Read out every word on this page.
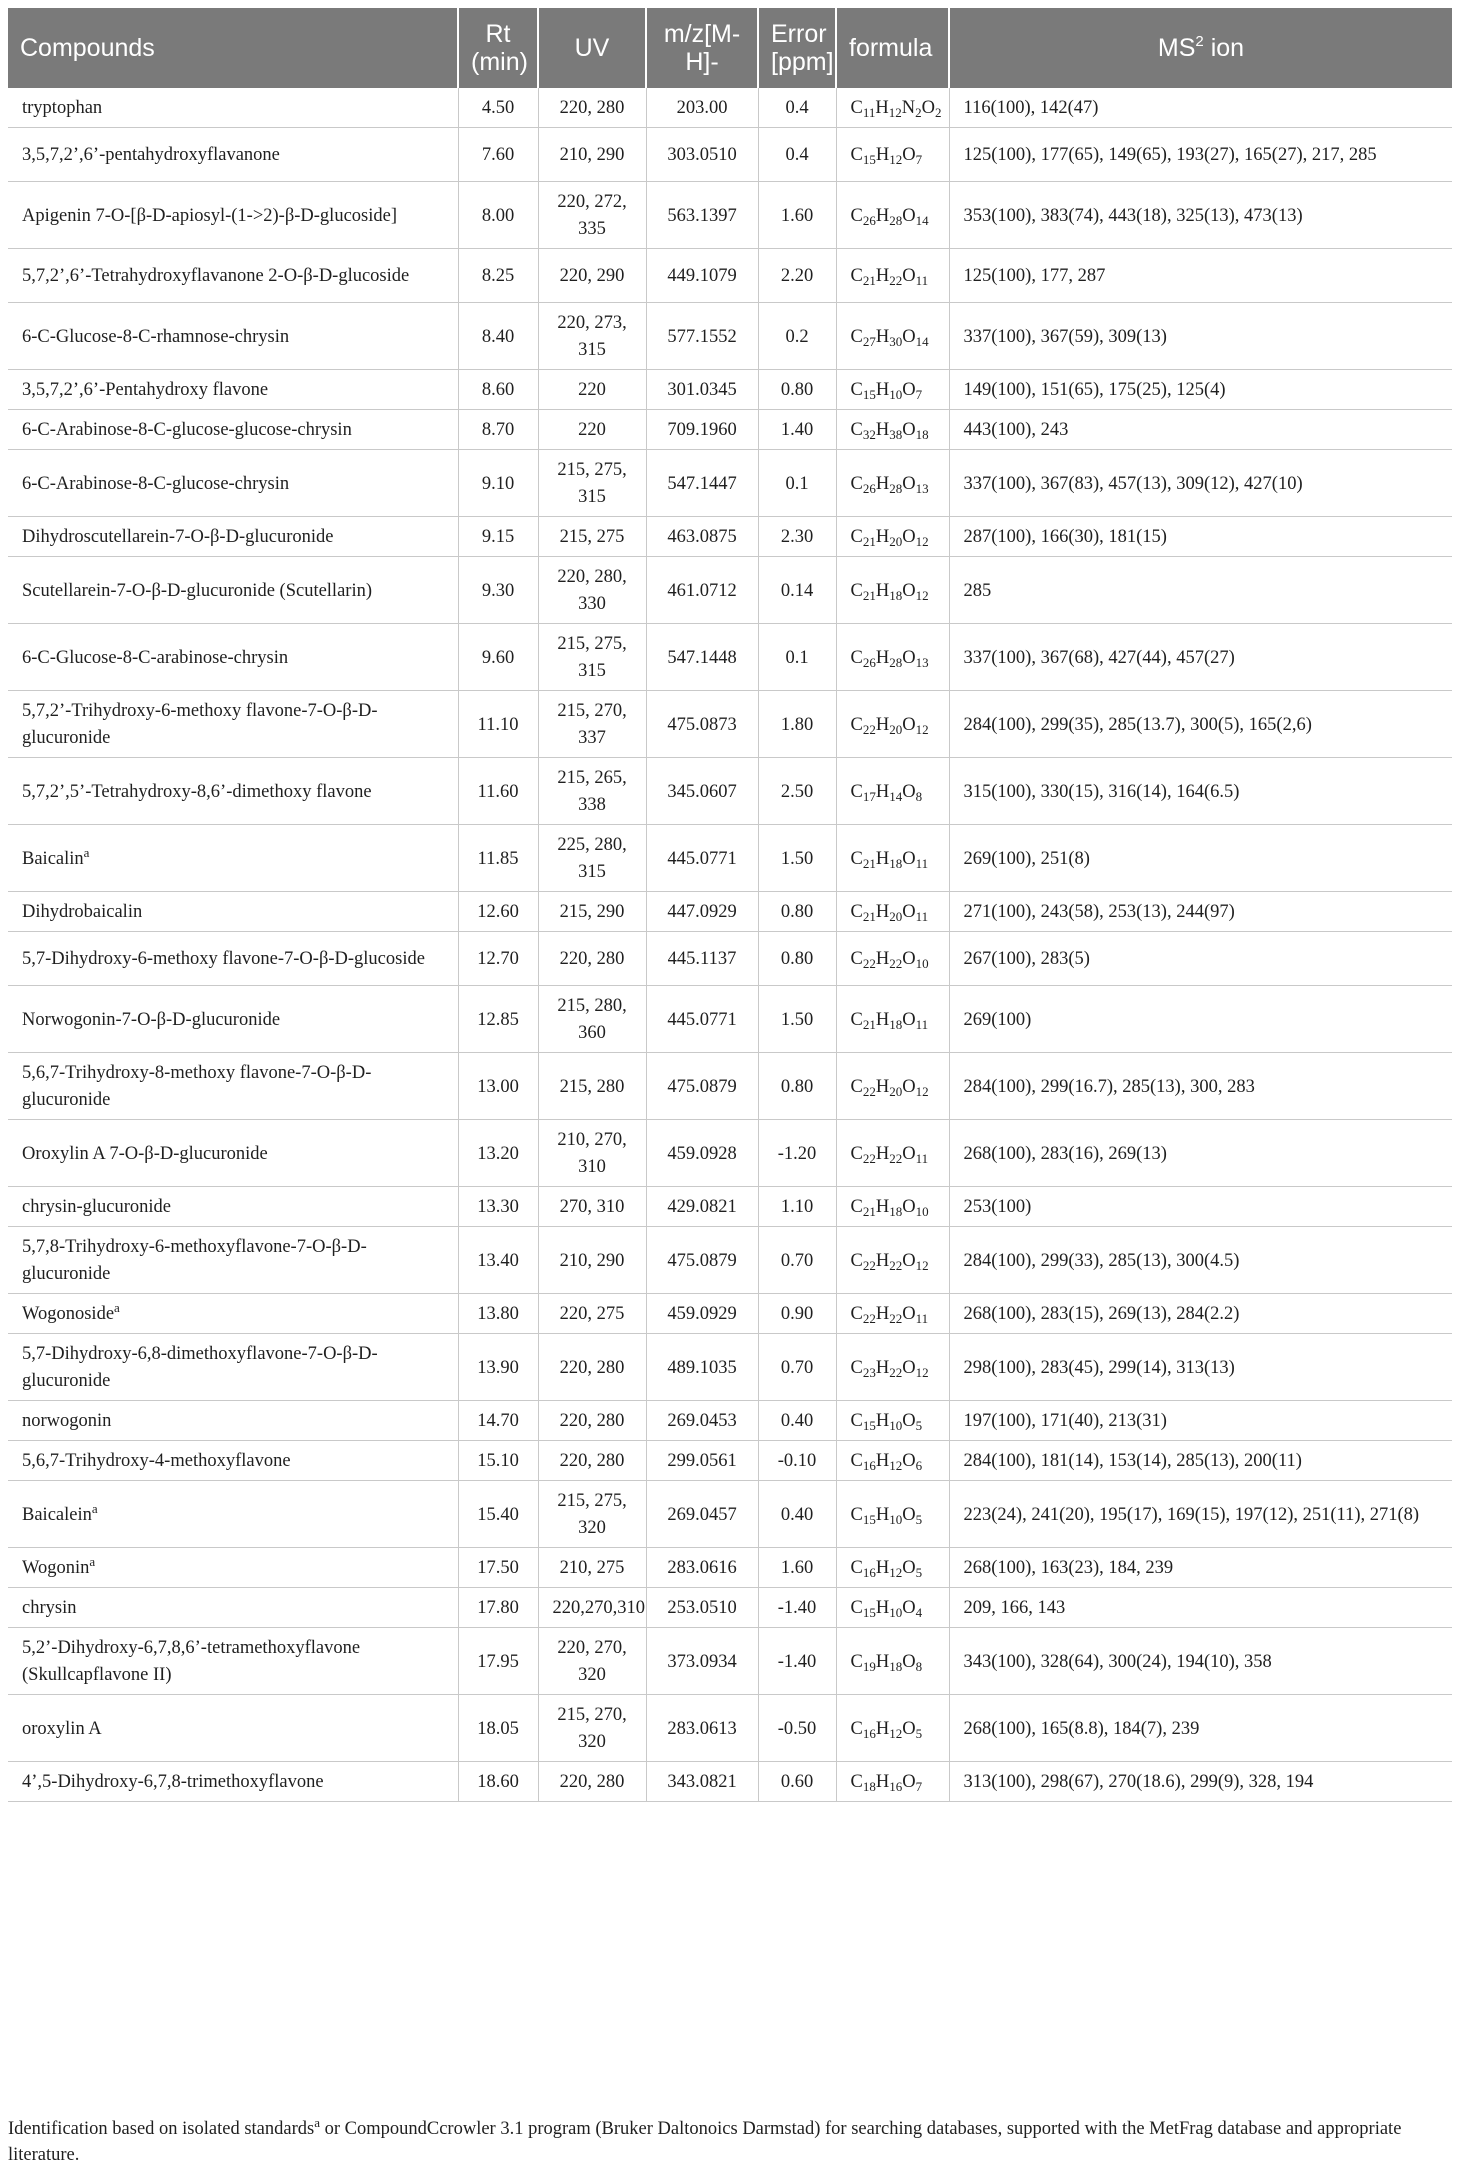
Compounds	Rt (min)	UV	m/z[M-H]-	Error [ppm]	formula	$MS^2$ ion
tryptophan	4.50	220, 280	203.00	0.4	$C_{11}H_{12}N_2O_2$	116(100), 142(47)
3,5,7,2’,6’-pentahydroxyflavanone	7.60	210, 290	303.0510	0.4	$C_{15}H_{12}O_7$	125(100), 177(65), 149(65), 193(27), 165(27), 217, 285
Apigenin 7-O-[β-D-apiosyl-(1->2)-β-D-glucoside]	8.00	220, 272, 335	563.1397	1.60	$C_{26}H_{28}O_{14}$	353(100), 383(74), 443(18), 325(13), 473(13)
5,7,2’,6’-Tetrahydroxyflavanone 2-O-β-D-glucoside	8.25	220, 290	449.1079	2.20	$C_{21}H_{22}O_{11}$	125(100), 177, 287
6-C-Glucose-8-C-rhamnose-chrysin	8.40	220, 273, 315	577.1552	0.2	$C_{27}H_{30}O_{14}$	337(100), 367(59), 309(13)
3,5,7,2’,6’-Pentahydroxy flavone	8.60	220	301.0345	0.80	$C_{15}H_{10}O_7$	149(100), 151(65), 175(25), 125(4)
6-C-Arabinose-8-C-glucose-glucose-chrysin	8.70	220	709.1960	1.40	$C_{32}H_{38}O_{18}$	443(100), 243
6-C-Arabinose-8-C-glucose-chrysin	9.10	215, 275, 315	547.1447	0.1	$C_{26}H_{28}O_{13}$	337(100), 367(83), 457(13), 309(12), 427(10)
Dihydroscutellarein-7-O-β-D-glucuronide	9.15	215, 275	463.0875	2.30	$C_{21}H_{20}O_{12}$	287(100), 166(30), 181(15)
Scutellarein-7-O-β-D-glucuronide (Scutellarin)	9.30	220, 280, 330	461.0712	0.14	$C_{21}H_{18}O_{12}$	285
6-C-Glucose-8-C-arabinose-chrysin	9.60	215, 275, 315	547.1448	0.1	$C_{26}H_{28}O_{13}$	337(100), 367(68), 427(44), 457(27)
5,7,2’-Trihydroxy-6-methoxy flavone-7-O-β-D-glucuronide	11.10	215, 270, 337	475.0873	1.80	$C_{22}H_{20}O_{12}$	284(100), 299(35), 285(13.7), 300(5), 165(2,6)
5,7,2’,5’-Tetrahydroxy-8,6’-dimethoxy flavone	11.60	215, 265, 338	345.0607	2.50	$C_{17}H_{14}O_8$	315(100), 330(15), 316(14), 164(6.5)
Baicalin$^a$	11.85	225, 280, 315	445.0771	1.50	$C_{21}H_{18}O_{11}$	269(100), 251(8)
Dihydrobaicalin	12.60	215, 290	447.0929	0.80	$C_{21}H_{20}O_{11}$	271(100), 243(58), 253(13), 244(97)
5,7-Dihydroxy-6-methoxy flavone-7-O-β-D-glucoside	12.70	220, 280	445.1137	0.80	$C_{22}H_{22}O_{10}$	267(100), 283(5)
Norwogonin-7-O-β-D-glucuronide	12.85	215, 280, 360	445.0771	1.50	$C_{21}H_{18}O_{11}$	269(100)
5,6,7-Trihydroxy-8-methoxy flavone-7-O-β-D-glucuronide	13.00	215, 280	475.0879	0.80	$C_{22}H_{20}O_{12}$	284(100), 299(16.7), 285(13), 300, 283
Oroxylin A 7-O-β-D-glucuronide	13.20	210, 270, 310	459.0928	-1.20	$C_{22}H_{22}O_{11}$	268(100), 283(16), 269(13)
chrysin-glucuronide	13.30	270, 310	429.0821	1.10	$C_{21}H_{18}O_{10}$	253(100)
5,7,8-Trihydroxy-6-methoxyflavone-7-O-β-D-glucuronide	13.40	210, 290	475.0879	0.70	$C_{22}H_{22}O_{12}$	284(100), 299(33), 285(13), 300(4.5)
Wogonoside$^a$	13.80	220, 275	459.0929	0.90	$C_{22}H_{22}O_{11}$	268(100), 283(15), 269(13), 284(2.2)
5,7-Dihydroxy-6,8-dimethoxyflavone-7-O-β-D-glucuronide	13.90	220, 280	489.1035	0.70	$C_{23}H_{22}O_{12}$	298(100), 283(45), 299(14), 313(13)
norwogonin	14.70	220, 280	269.0453	0.40	$C_{15}H_{10}O_5$	197(100), 171(40), 213(31)
5,6,7-Trihydroxy-4-methoxyflavone	15.10	220, 280	299.0561	-0.10	$C_{16}H_{12}O_6$	284(100), 181(14), 153(14), 285(13), 200(11)
Baicalein$^a$	15.40	215, 275, 320	269.0457	0.40	$C_{15}H_{10}O_5$	223(24), 241(20), 195(17), 169(15), 197(12), 251(11), 271(8)
Wogonin$^a$	17.50	210, 275	283.0616	1.60	$C_{16}H_{12}O_5$	268(100), 163(23), 184, 239
chrysin	17.80	220,270,310	253.0510	-1.40	$C_{15}H_{10}O_4$	209, 166, 143
5,2’-Dihydroxy-6,7,8,6’-tetramethoxyflavone (Skullcapflavone II)	17.95	220, 270, 320	373.0934	-1.40	$C_{19}H_{18}O_8$	343(100), 328(64), 300(24), 194(10), 358
oroxylin A	18.05	215, 270, 320	283.0613	-0.50	$C_{16}H_{12}O_5$	268(100), 165(8.8), 184(7), 239
4’,5-Dihydroxy-6,7,8-trimethoxyflavone	18.60	220, 280	343.0821	0.60	$C_{18}H_{16}O_7$	313(100), 298(67), 270(18.6), 299(9), 328, 194
Identification based on isolated standards$^a$ or CompoundCcrowler 3.1 program (Bruker Daltonoics Darmstad) for searching databases, supported with the MetFrag database and appropriate literature.
